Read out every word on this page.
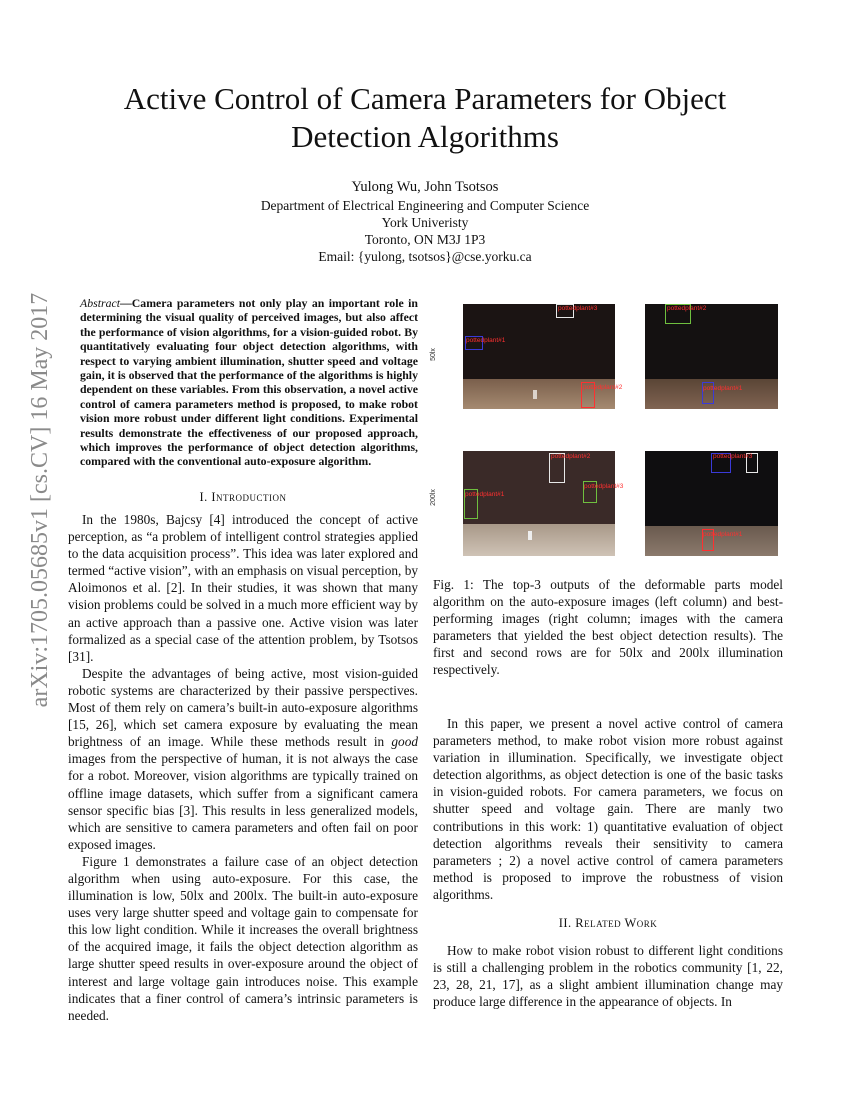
arXiv:1705.05685v1 [cs.CV] 16 May 2017
Active Control of Camera Parameters for Object Detection Algorithms
Yulong Wu, John Tsotsos
Department of Electrical Engineering and Computer Science
York Univeristy
Toronto, ON M3J 1P3
Email: {yulong, tsotsos}@cse.yorku.ca
Abstract—Camera parameters not only play an important role in determining the visual quality of perceived images, but also affect the performance of vision algorithms, for a vision-guided robot. By quantitatively evaluating four object detection algorithms, with respect to varying ambient illumination, shutter speed and voltage gain, it is observed that the performance of the algorithms is highly dependent on these variables. From this observation, a novel active control of camera parameters method is proposed, to make robot vision more robust under different light conditions. Experimental results demonstrate the effectiveness of our proposed approach, which improves the performance of object detection algorithms, compared with the conventional auto-exposure algorithm.
I. Introduction

In the 1980s, Bajcsy [4] introduced the concept of active perception, as “a problem of intelligent control strategies applied to the data acquisition process”. This idea was later explored and termed “active vision”, with an emphasis on visual perception, by Aloimonos et al. [2]. In their studies, it was shown that many vision problems could be solved in a much more efficient way by an active approach than a passive one. Active vision was later formalized as a special case of the attention problem, by Tsotsos [31].

Despite the advantages of being active, most vision-guided robotic systems are characterized by their passive perspectives. Most of them rely on camera’s built-in auto-exposure algorithms [15, 26], which set camera exposure by evaluating the mean brightness of an image. While these methods result in good images from the perspective of human, it is not always the case for a robot. Moreover, vision algorithms are typically trained on offline image datasets, which suffer from a significant camera sensor specific bias [3]. This results in less generalized models, which are sensitive to camera parameters and often fail on poor exposed images.

Figure 1 demonstrates a failure case of an object detection algorithm when using auto-exposure. For this case, the illumination is low, 50lx and 200lx. The built-in auto-exposure uses very large shutter speed and voltage gain to compensate for this low light condition. While it increases the overall brightness of the acquired image, it fails the object detection algorithm as large shutter speed results in over-exposure around the object of interest and large voltage gain introduces noise. This example indicates that a finer control of camera’s intrinsic parameters is needed.

50lx
200lx
pottedplant#3
pottedplant#1
pottedplant#2
pottedplant#2
pottedplant#1
pottedplant#2
pottedplant#1
pottedplant#3
pottedplant#3
pottedplant#1
Fig. 1: The top-3 outputs of the deformable parts model algorithm on the auto-exposure images (left column) and best-performing images (right column; images with the camera parameters that yielded the best object detection results). The first and second rows are for 50lx and 200lx illumination respectively.

In this paper, we present a novel active control of camera parameters method, to make robot vision more robust against variation in illumination. Specifically, we investigate object detection algorithms, as object detection is one of the basic tasks in vision-guided robots. For camera parameters, we focus on shutter speed and voltage gain. There are manly two contributions in this work: 1) quantitative evaluation of object detection algorithms reveals their sensitivity to camera parameters ; 2) a novel active control of camera parameters method is proposed to improve the robustness of vision algorithms.

II. Related Work

How to make robot vision robust to different light conditions is still a challenging problem in the robotics community [1, 22, 23, 28, 21, 17], as a slight ambient illumination change may produce large difference in the appearance of objects. In
